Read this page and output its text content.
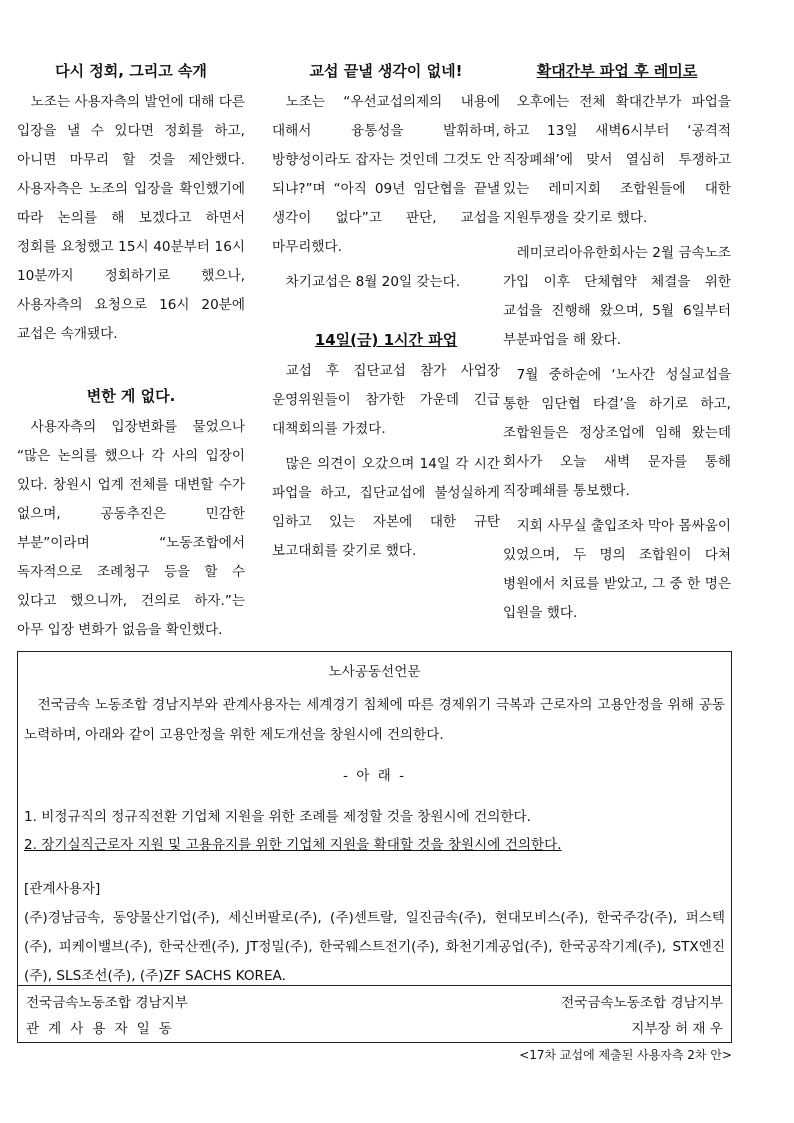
다시 정회, 그리고 속개

노조는 사용자측의 발언에 대해 다른 입장을 낼 수 있다면 정회를 하고, 아니면 마무리 할 것을 제안했다. 사용자측은 노조의 입장을 확인했기에 따라 논의를 해 보겠다고 하면서 정회를 요청했고 15시 40분부터 16시 10분까지 정회하기로 했으나, 사용자측의 요청으로 16시 20분에 교섭은 속개됐다.

변한 게 없다.

사용자측의 입장변화를 물었으나 “많은 논의를 했으나 각 사의 입장이 있다. 창원시 업계 전체를 대변할 수가 없으며, 공동추진은 민감한 부분”이라며 “노동조합에서 독자적으로 조례청구 등을 할 수 있다고 했으니까, 건의로 하자.”는 아무 입장 변화가 없음을 확인했다.

교섭 끝낼 생각이 없네!

노조는 “우선교섭의제의 내용에 대해서 융통성을 발휘하며, 방향성이라도 잡자는 것인데 그것도 안 되냐?”며 “아직 09년 임단협을 끝낼 생각이 없다”고 판단, 교섭을 마무리했다.

차기교섭은 8월 20일 갖는다.

14일(금) 1시간 파업

교섭 후 집단교섭 참가 사업장 운영위원들이 참가한 가운데 긴급 대책회의를 가졌다.

많은 의견이 오갔으며 14일 각 시간 파업을 하고, 집단교섭에 불성실하게 임하고 있는 자본에 대한 규탄 보고대회를 갖기로 했다.

확대간부 파업 후 레미로

오후에는 전체 확대간부가 파업을 하고 13일 새벽6시부터 ‘공격적 직장폐쇄’에 맞서 열심히 투쟁하고 있는 레미지회 조합원들에 대한 지원투쟁을 갖기로 했다.

레미코리아유한회사는 2월 금속노조 가입 이후 단체협약 체결을 위한 교섭을 진행해 왔으며, 5월 6일부터 부분파업을 해 왔다.

7월 중하순에 ‘노사간 성실교섭을 통한 임단협 타결’을 하기로 하고, 조합원들은 정상조업에 임해 왔는데 회사가 오늘 새벽 문자를 통해 직장폐쇄를 통보했다.

지회 사무실 출입조차 막아 몸싸움이 있었으며, 두 명의 조합원이 다쳐 병원에서 치료를 받았고, 그 중 한 명은 입원을 했다.

노사공동선언문
전국금속 노동조합 경남지부와 관계사용자는 세계경기 침체에 따른 경제위기 극복과 근로자의 고용안정을 위해 공동 노력하며, 아래와 같이 고용안정을 위한 제도개선을 창원시에 건의한다.
- 아 래 -
1. 비정규직의 정규직전환 기업체 지원을 위한 조례를 제정할 것을 창원시에 건의한다.
2. 장기실직근로자 지원 및 고용유지를 위한 기업체 지원을 확대할 것을 창원시에 건의한다.
[관계사용자]
(주)경남금속, 동양물산기업(주), 세신버팔로(주), (주)센트랄, 일진금속(주), 현대모비스(주), 한국주강(주), 퍼스텍(주), 피케이밸브(주), 한국산켄(주), JT정밀(주), 한국웨스트전기(주), 화천기계공업(주), 한국공작기계(주), STX엔진(주), SLS조선(주), (주)ZF SACHS KOREA.
전국금속노동조합 경남지부
관계사용자일동
전국금속노동조합 경남지부
지부장 허 재 우
<17차 교섭에 제출된 사용자측 2차 안>
